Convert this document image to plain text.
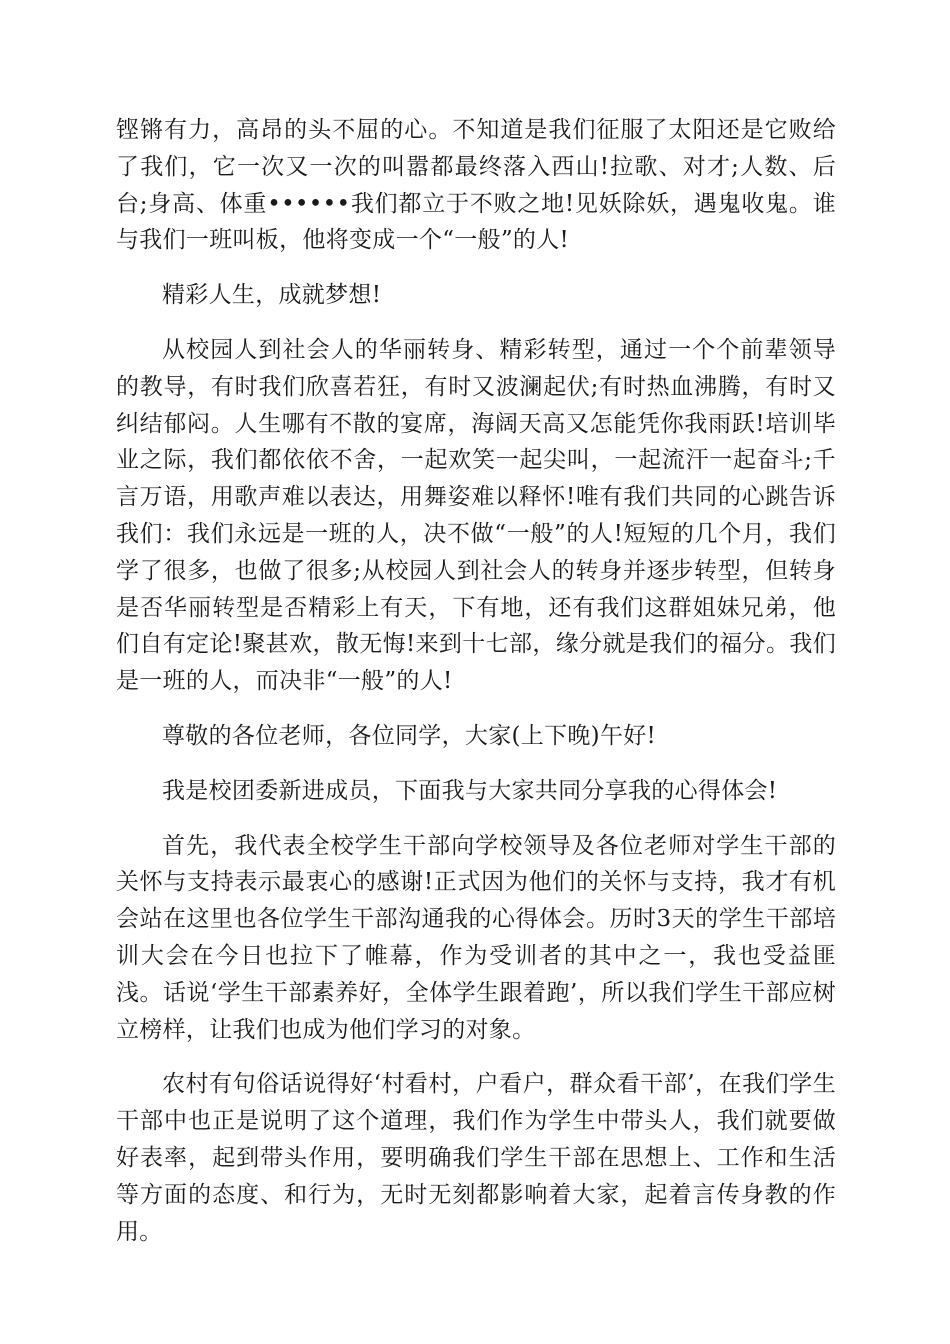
铿锵有力，高昂的头不屈的心。不知道是我们征服了太阳还是它败给了我们，它一次又一次的叫嚣都最终落入西山!拉歌、对才;人数、后台;身高、体重••••••我们都立于不败之地!见妖除妖，遇鬼收鬼。谁与我们一班叫板，他将变成一个“一般”的人!

精彩人生，成就梦想!

从校园人到社会人的华丽转身、精彩转型，通过一个个前辈领导的教导，有时我们欣喜若狂，有时又波澜起伏;有时热血沸腾，有时又纠结郁闷。人生哪有不散的宴席，海阔天高又怎能凭你我雨跃!培训毕业之际，我们都依依不舍，一起欢笑一起尖叫，一起流汗一起奋斗;千言万语，用歌声难以表达，用舞姿难以释怀!唯有我们共同的心跳告诉我们：我们永远是一班的人，决不做“一般”的人!短短的几个月，我们学了很多，也做了很多;从校园人到社会人的转身并逐步转型，但转身是否华丽转型是否精彩上有天，下有地，还有我们这群姐妹兄弟，他们自有定论!聚甚欢，散无悔!来到十七部，缘分就是我们的福分。我们是一班的人，而决非“一般”的人!

尊敬的各位老师，各位同学，大家(上下晚)午好!

我是校团委新进成员，下面我与大家共同分享我的心得体会!

首先，我代表全校学生干部向学校领导及各位老师对学生干部的关怀与支持表示最衷心的感谢!正式因为他们的关怀与支持，我才有机会站在这里也各位学生干部沟通我的心得体会。历时3天的学生干部培训大会在今日也拉下了帷幕，作为受训者的其中之一，我也受益匪浅。话说‘学生干部素养好，全体学生跟着跑’，所以我们学生干部应树立榜样，让我们也成为他们学习的对象。

农村有句俗话说得好‘村看村，户看户，群众看干部’，在我们学生干部中也正是说明了这个道理，我们作为学生中带头人，我们就要做好表率，起到带头作用，要明确我们学生干部在思想上、工作和生活等方面的态度、和行为，无时无刻都影响着大家，起着言传身教的作用。
